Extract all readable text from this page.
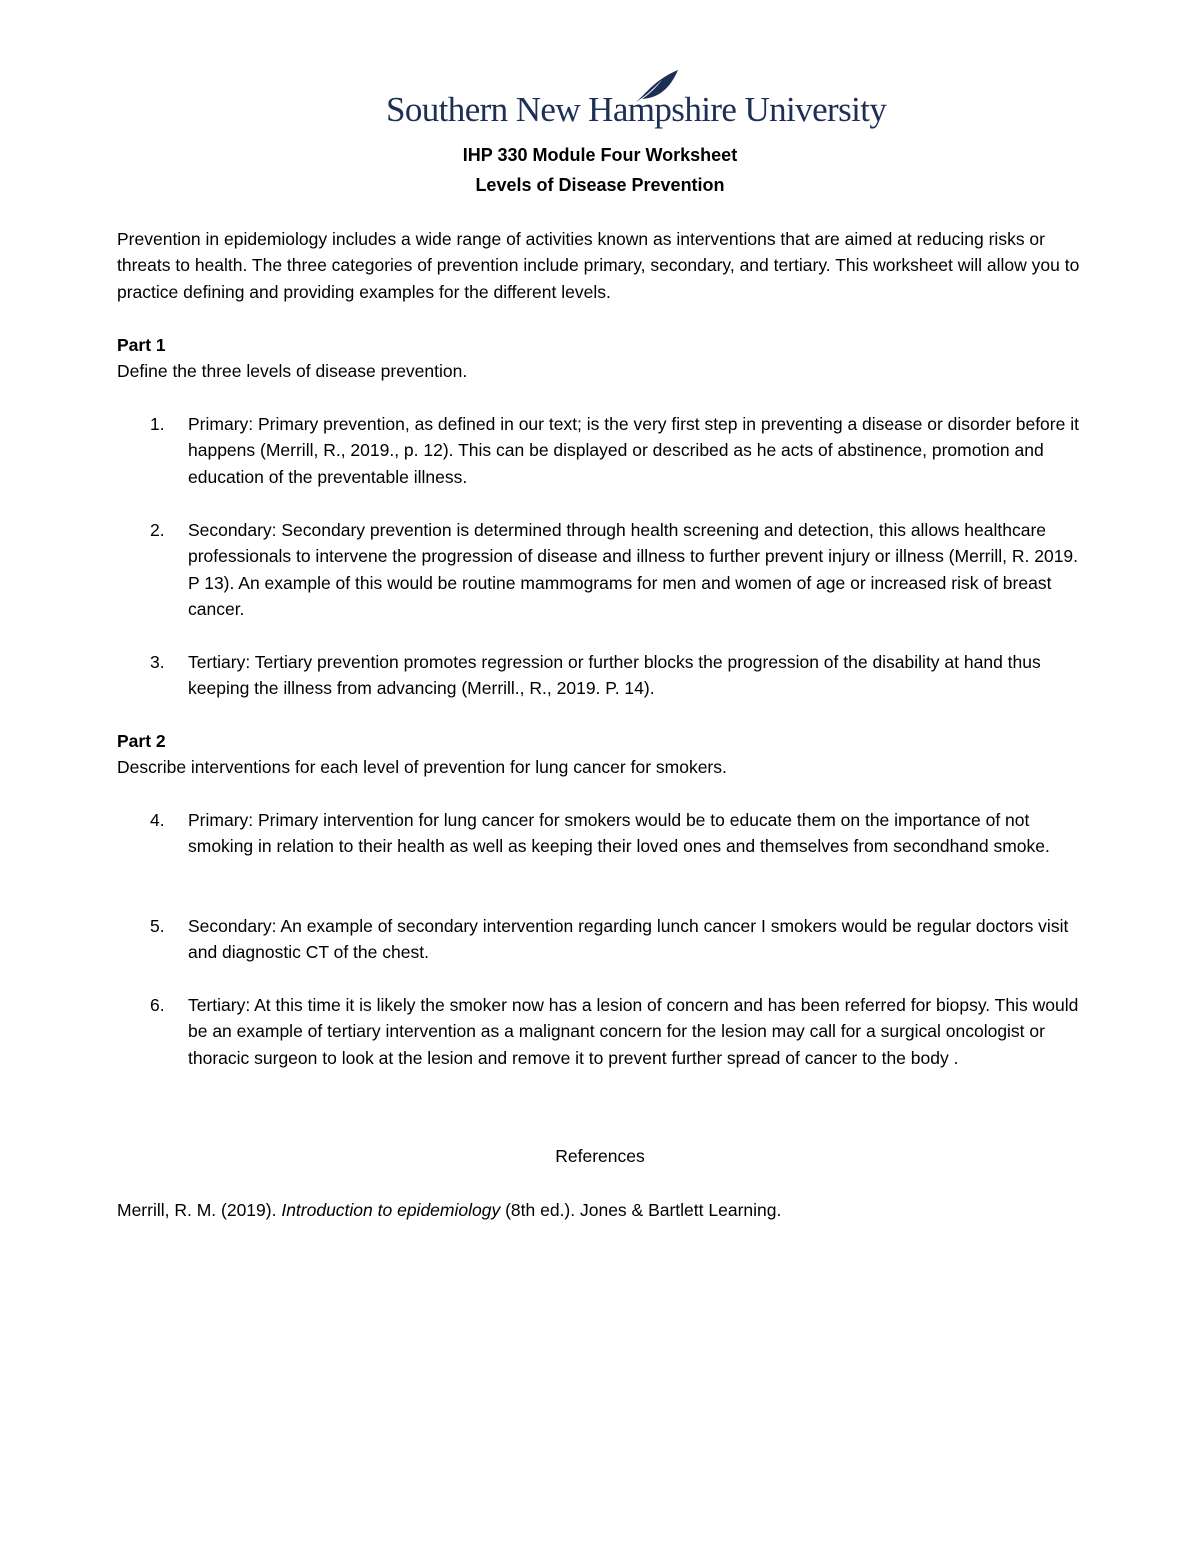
Southern New Hampshire University
IHP 330 Module Four Worksheet
Levels of Disease Prevention
Prevention in epidemiology includes a wide range of activities known as interventions that are aimed at reducing risks or threats to health. The three categories of prevention include primary, secondary, and tertiary. This worksheet will allow you to practice defining and providing examples for the different levels.
Part 1
Define the three levels of disease prevention.
1.	Primary: Primary prevention, as defined in our text; is the very first step in preventing a disease or disorder before it happens (Merrill, R., 2019., p. 12). This can be displayed or described as he acts of abstinence, promotion and education of the preventable illness.
2.	Secondary: Secondary prevention is determined through health screening and detection, this allows healthcare professionals to intervene the progression of disease and illness to further prevent injury or illness (Merrill, R. 2019. P 13). An example of this would be routine mammograms for men and women of age or increased risk of breast cancer.
3.	Tertiary: Tertiary prevention promotes regression or further blocks the progression of the disability at hand thus keeping the illness from advancing (Merrill., R., 2019. P. 14).
Part 2
Describe interventions for each level of prevention for lung cancer for smokers.
4.	Primary: Primary intervention for lung cancer for smokers would be to educate them on the importance of not smoking in relation to their health as well as keeping their loved ones and themselves from secondhand smoke.
5.	Secondary: An example of secondary intervention regarding lunch cancer I smokers would be regular doctors visit and diagnostic CT of the chest.
6.	Tertiary: At this time it is likely the smoker now has a lesion of concern and has been referred for biopsy. This would be an example of tertiary intervention as a malignant concern for the lesion may call for a surgical oncologist or thoracic surgeon to look at the lesion and remove it to prevent further spread of cancer to the body .
References
Merrill, R. M. (2019). Introduction to epidemiology (8th ed.). Jones & Bartlett Learning.
